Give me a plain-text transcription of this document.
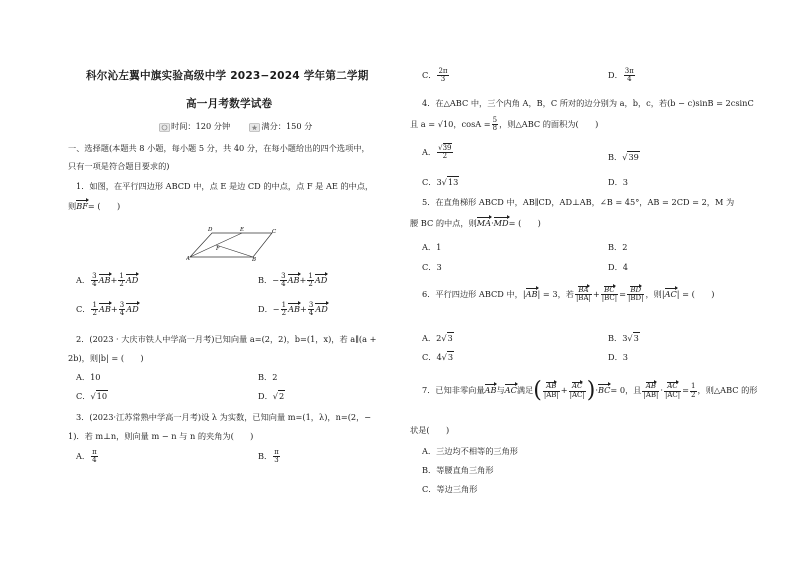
科尔沁左翼中旗实验高级中学 2023−2024 学年第二学期
高一月考数学试卷
时间：120 分钟	满分：150 分
一、选择题(本题共 8 小题，每小题 5 分，共 40 分，在每小题给出的四个选项中，
只有一项是符合题目要求的)
1．如图，在平行四边形 ABCD 中，点 E 是边 CD 的中点，点 F 是 AE 的中点，
则BF= (　　)
D	E	C
F
A	B
A． $\frac{3}{4} AB+ \frac{1}{2}$ AD	B．− $\frac{3}{4} AB+ \frac{1}{2}$ AD
C． $\frac{1}{2} AB+ \frac{3}{4}$ AD	D．− $\frac{1}{2} AB+ \frac{3}{4}$ AD
2．(2023 · 大庆市铁人中学高一月考)已知向量 a=(2，2)，b=(1，x)，若 a∥(a +
2b)，则|b| = (　　)
A．10	B．2
C．√10	D．√2
3．(2023·江苏常熟中学高一月考)设 λ 为实数，已知向量 m=(1，λ)，n=(2，−
1)．若 m⊥n，则向量 m − n 与 n 的夹角为(　　)
A． $\frac{\pi}{4}$	B． $\frac{\pi}{3}$
C． $\frac{2\pi}{3}$	D． $\frac{3\pi}{4}$
4．在△ABC 中，三个内角 A，B，C 所对的边分别为 a，b，c，若(b − c)sinB = 2csinC
且 a = √10，$\cos A = \frac{5}{8}$ ，则△ABC 的面积为(　　)
A． $\frac{√39}{2}$	B．√39
C．3√13	D．3
5．在直角梯形 ABCD 中，AB∥CD，AD⊥AB，∠B = 45°，AB = 2CD = 2，M 为
腰 BC 的中点，则MA·MD= (　　)
A．1	B．2
C．3	D．4
6．平行四边形 ABCD 中，|AB| = 3，若 $\frac{BA}{|BA|} + \frac{BC}{|BC|} = \frac{BD}{|BD|}$ ，则|AC| = (　　)
A．2√3	B．3√3
C．4√3	D．3
7．已知非零向量AB与AC满足( $\frac{AB}{|AB|} + \frac{AC}{|AC|} )\cdot BC= 0$，且 $\frac{AB}{|AB|} \cdot \frac{AC}{|AC|} = \frac{1}{2}$ ，则△ABC 的形
状是(　　)
A．三边均不相等的三角形
B．等腰直角三角形
C．等边三角形
